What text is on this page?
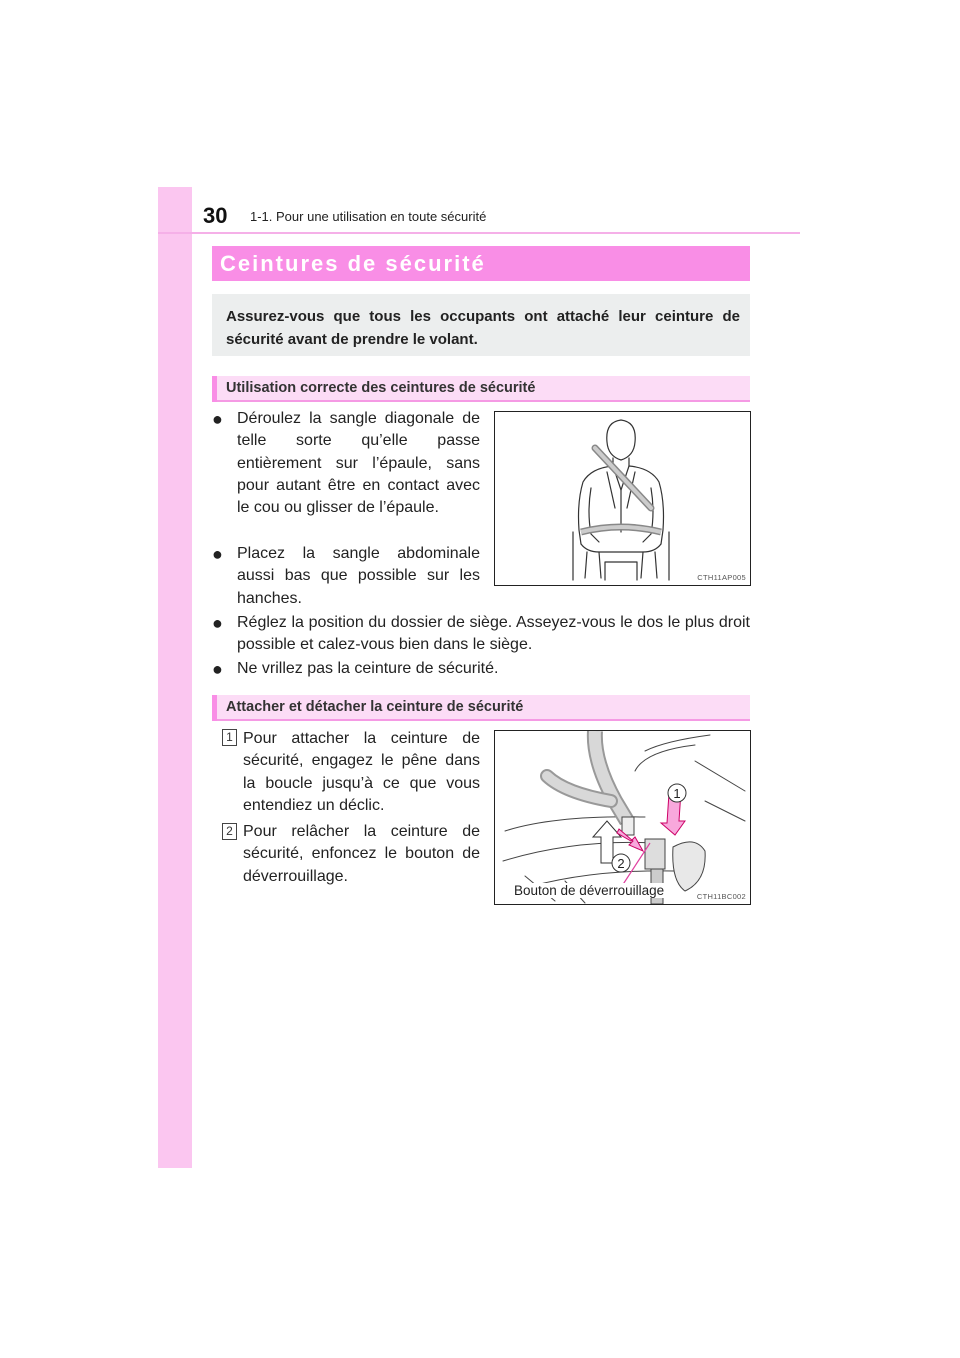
30 1-1. Pour une utilisation en toute sécurité
Ceintures de sécurité

Assurez-vous que tous les occupants ont attaché leur ceinture de sécurité avant de prendre le volant.

Utilisation correcte des ceintures de sécurité
● Déroulez la sangle diagonale de telle sorte qu’elle passe entièrement sur l’épaule, sans pour autant être en contact avec le cou ou glisser de l’épaule.

● Placez la sangle abdominale aussi bas que possible sur les hanches.

● Réglez la position du dossier de siège. Asseyez-vous le dos le plus droit possible et calez-vous bien dans le siège.

● Ne vrillez pas la ceinture de sécurité.

CTH11AP005
Attacher et détacher la ceinture de sécurité
1 Pour attacher la ceinture de sécurité, engagez le pêne dans la boucle jusqu’à ce que vous entendiez un déclic.

2 Pour relâcher la ceinture de sécurité, enfoncez le bouton de déverrouillage.

1
2
Bouton de déverrouillage	CTH11BC002
